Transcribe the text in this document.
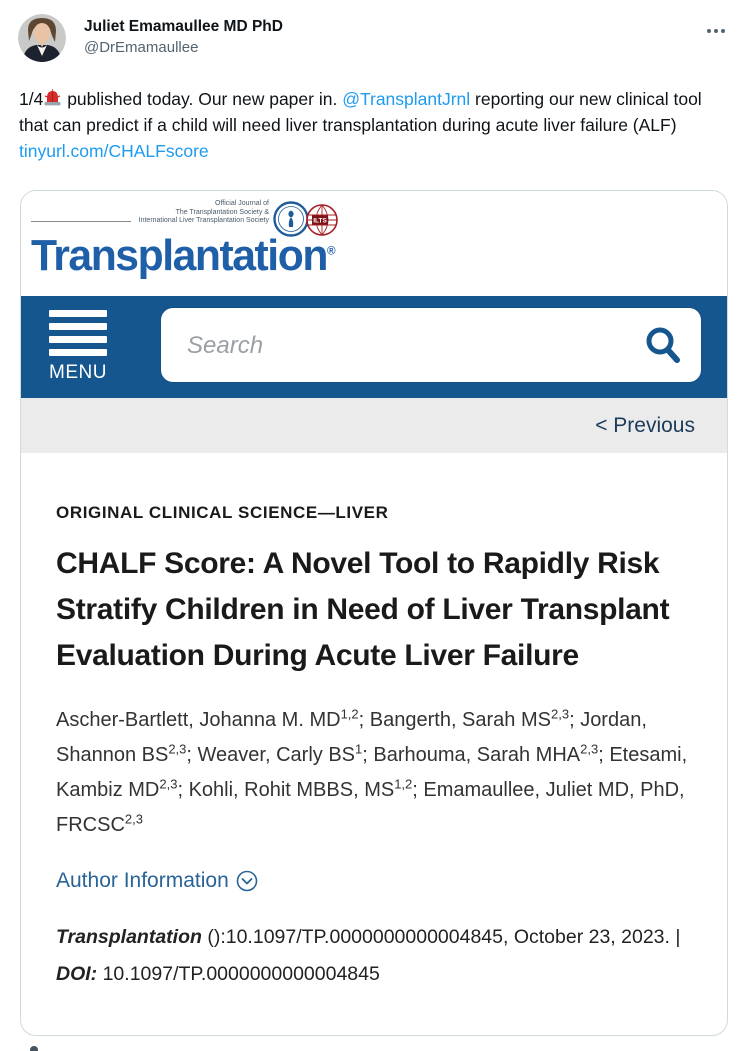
Juliet Emamaullee MD PhD
@DrEmamaullee
1/4 published today. Our new paper in. @TransplantJrnl reporting our new clinical tool that can predict if a child will need liver transplantation during acute liver failure (ALF) tinyurl.com/CHALFscore
Official Journal of
The Transplantation Society &
International Liver Transplantation Society	ILTS
Transplantation®
MENU
Search
< Previous
ORIGINAL CLINICAL SCIENCE—LIVER
CHALF Score: A Novel Tool to Rapidly Risk Stratify Children in Need of Liver Transplant Evaluation During Acute Liver Failure
Ascher-Bartlett, Johanna M. MD$^{1,2}$; Bangerth, Sarah MS$^{2,3}$; Jordan, Shannon BS$^{2,3}$; Weaver, Carly $BS^1$; Barhouma, Sarah MHA$^{2,3}$; Etesami, Kambiz MD$^{2,3}$; Kohli, Rohit MBBS, MS$^{1,2}$; Emamaullee, Juliet MD, PhD, FRCSC$^{2,3}$
Author Information
Transplantation ():10.1097/TP.0000000000004845, October 23, 2023. | DOI: 10.1097/TP.0000000000004845
